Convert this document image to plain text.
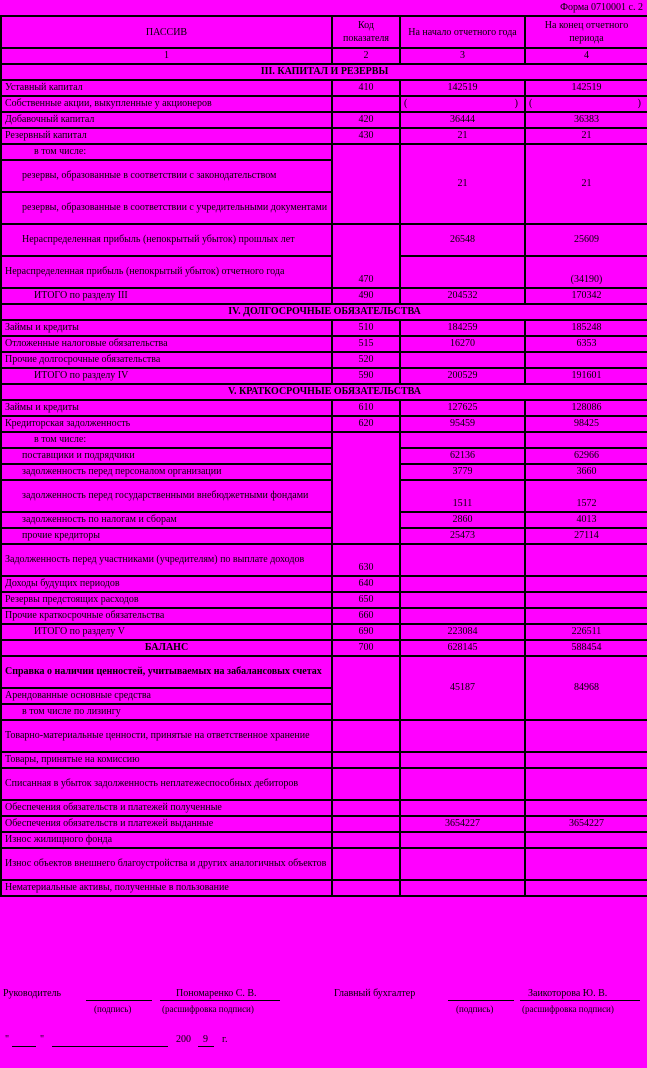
Форма 0710001 с. 2
ПАССИВ	Код показателя	На начало отчетного года	На конец отчетного периода
1	2	3	4
III. КАПИТАЛ И РЕЗЕРВЫ			
Уставный капитал	410	142519	142519
Собственные акции, выкупленные у акционеров		( )	( )

Добавочный капитал	420	36444	36383
Резервный капитал	430	21	21
в том числе:		21	21
резервы, образованные в соответствии с законодательством			
резервы, образованные в соответствии с учредительными документами			
Нераспределенная прибыль (непокрытый убыток) прошлых лет	470	26548	25609
Нераспределенная прибыль (непокрытый убыток) отчетного года			(34190)
ИТОГО по разделу III	490	204532	170342
IV. ДОЛГОСРОЧНЫЕ ОБЯЗАТЕЛЬСТВА			
Займы и кредиты	510	184259	185248
Отложенные налоговые обязательства	515	16270	6353
Прочие долгосрочные обязательства	520		
ИТОГО по разделу IV	590	200529	191601
V. КРАТКОСРОЧНЫЕ ОБЯЗАТЕЛЬСТВА			
Займы и кредиты	610	127625	128086
Кредиторская задолженность	620	95459	98425
в том числе:			
поставщики и подрядчики		62136	62966
задолженность перед персоналом организации		3779	3660
задолженность перед государственными внебюджетными фондами		1511	1572
задолженность по налогам и сборам		2860	4013
прочие кредиторы		25473	27114
Задолженность перед участниками (учредителям) по выплате доходов	630		
Доходы будущих периодов	640		
Резервы предстоящих расходов	650		
Прочие краткосрочные обязательства	660		
ИТОГО по разделу V	690	223084	226511
БАЛАНС	700	628145	588454
Справка о наличии ценностей, учитываемых на забалансовых счетах		45187	84968
Арендованные основные средства			
в том числе по лизингу			
Товарно-материальные ценности, принятые на ответственное хранение			
Товары, принятые на комиссию			
Списанная в убыток задолженность неплатежеспособных дебиторов			
Обеспечения обязательств и платежей полученные			
Обеспечения обязательств и платежей выданные		3654227	3654227
Износ жилищного фонда			
Износ объектов внешнего благоустройства и других аналогичных объектов			
Нематериальные активы, полученные в пользование			
Руководитель
(подпись)
Пономаренко С. В.
(расшифровка подписи)
Главный бухгалтер
(подпись)
Заикоторова Ю. В.
(расшифровка подписи)
"	"	200 9 г.
